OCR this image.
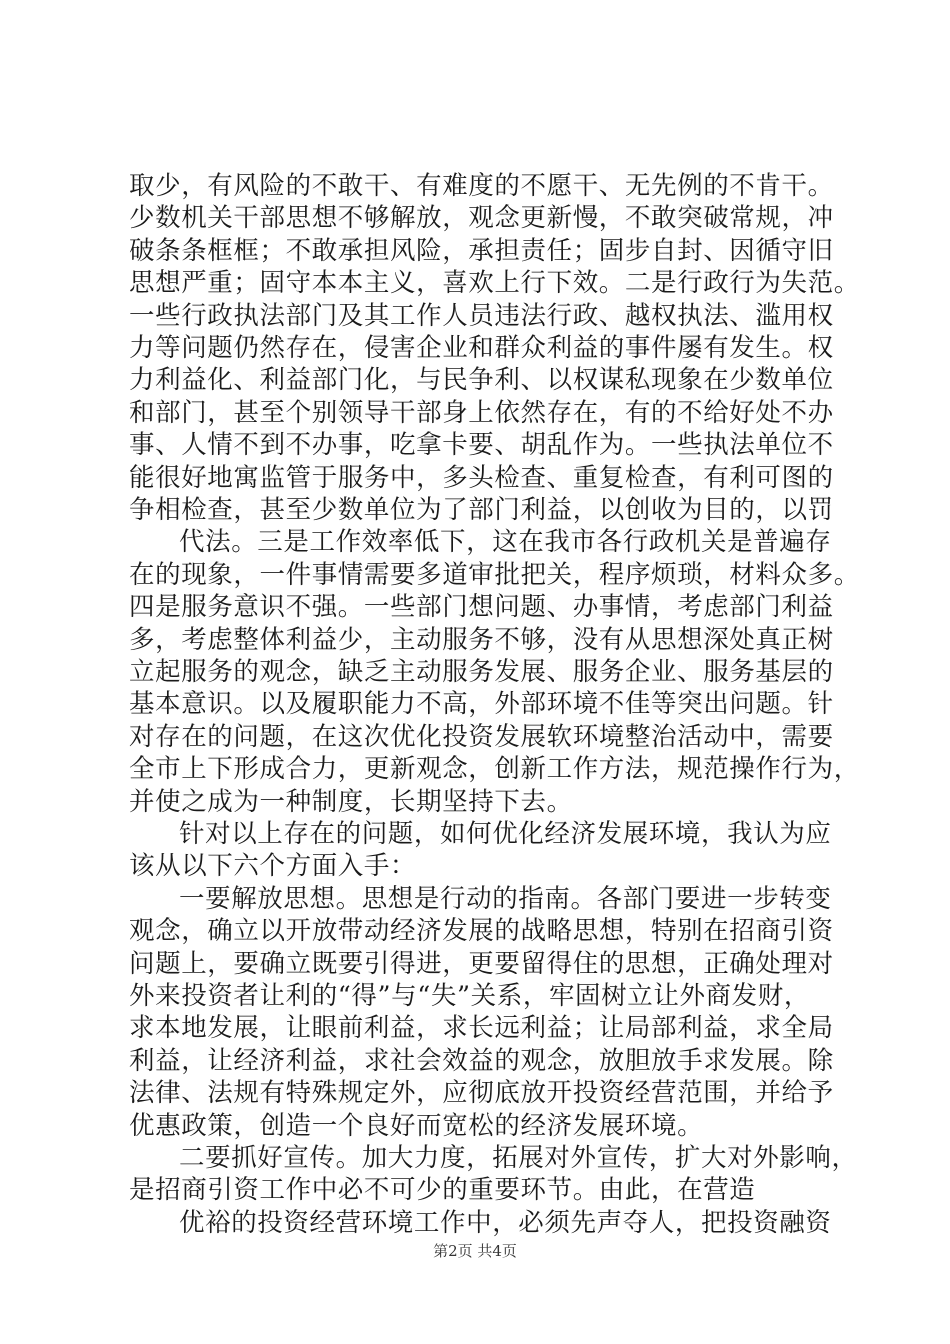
取少，有风险的不敢干、有难度的不愿干、无先例的不肯干。
少数机关干部思想不够解放，观念更新慢，不敢突破常规，冲
破条条框框；不敢承担风险，承担责任；固步自封、因循守旧
思想严重；固守本本主义，喜欢上行下效。二是行政行为失范。
一些行政执法部门及其工作人员违法行政、越权执法、滥用权
力等问题仍然存在，侵害企业和群众利益的事件屡有发生。权
力利益化、利益部门化，与民争利、以权谋私现象在少数单位
和部门，甚至个别领导干部身上依然存在，有的不给好处不办
事、人情不到不办事，吃拿卡要、胡乱作为。一些执法单位不
能很好地寓监管于服务中，多头检查、重复检查，有利可图的
争相检查，甚至少数单位为了部门利益，以创收为目的，以罚
代法。三是工作效率低下，这在我市各行政机关是普遍存
在的现象，一件事情需要多道审批把关，程序烦琐，材料众多。
四是服务意识不强。一些部门想问题、办事情，考虑部门利益
多，考虑整体利益少，主动服务不够，没有从思想深处真正树
立起服务的观念，缺乏主动服务发展、服务企业、服务基层的
基本意识。以及履职能力不高，外部环境不佳等突出问题。针
对存在的问题，在这次优化投资发展软环境整治活动中，需要
全市上下形成合力，更新观念，创新工作方法，规范操作行为，
并使之成为一种制度，长期坚持下去。
针对以上存在的问题，如何优化经济发展环境，我认为应
该从以下六个方面入手：
一要解放思想。思想是行动的指南。各部门要进一步转变
观念，确立以开放带动经济发展的战略思想，特别在招商引资
问题上，要确立既要引得进，更要留得住的思想，正确处理对
外来投资者让利的“得”与“失”关系，牢固树立让外商发财，
求本地发展，让眼前利益，求长远利益；让局部利益，求全局
利益，让经济利益，求社会效益的观念，放胆放手求发展。除
法律、法规有特殊规定外，应彻底放开投资经营范围，并给予
优惠政策，创造一个良好而宽松的经济发展环境。
二要抓好宣传。加大力度，拓展对外宣传，扩大对外影响，
是招商引资工作中必不可少的重要环节。由此，在营造
优裕的投资经营环境工作中，必须先声夺人，把投资融资
第2页 共4页
